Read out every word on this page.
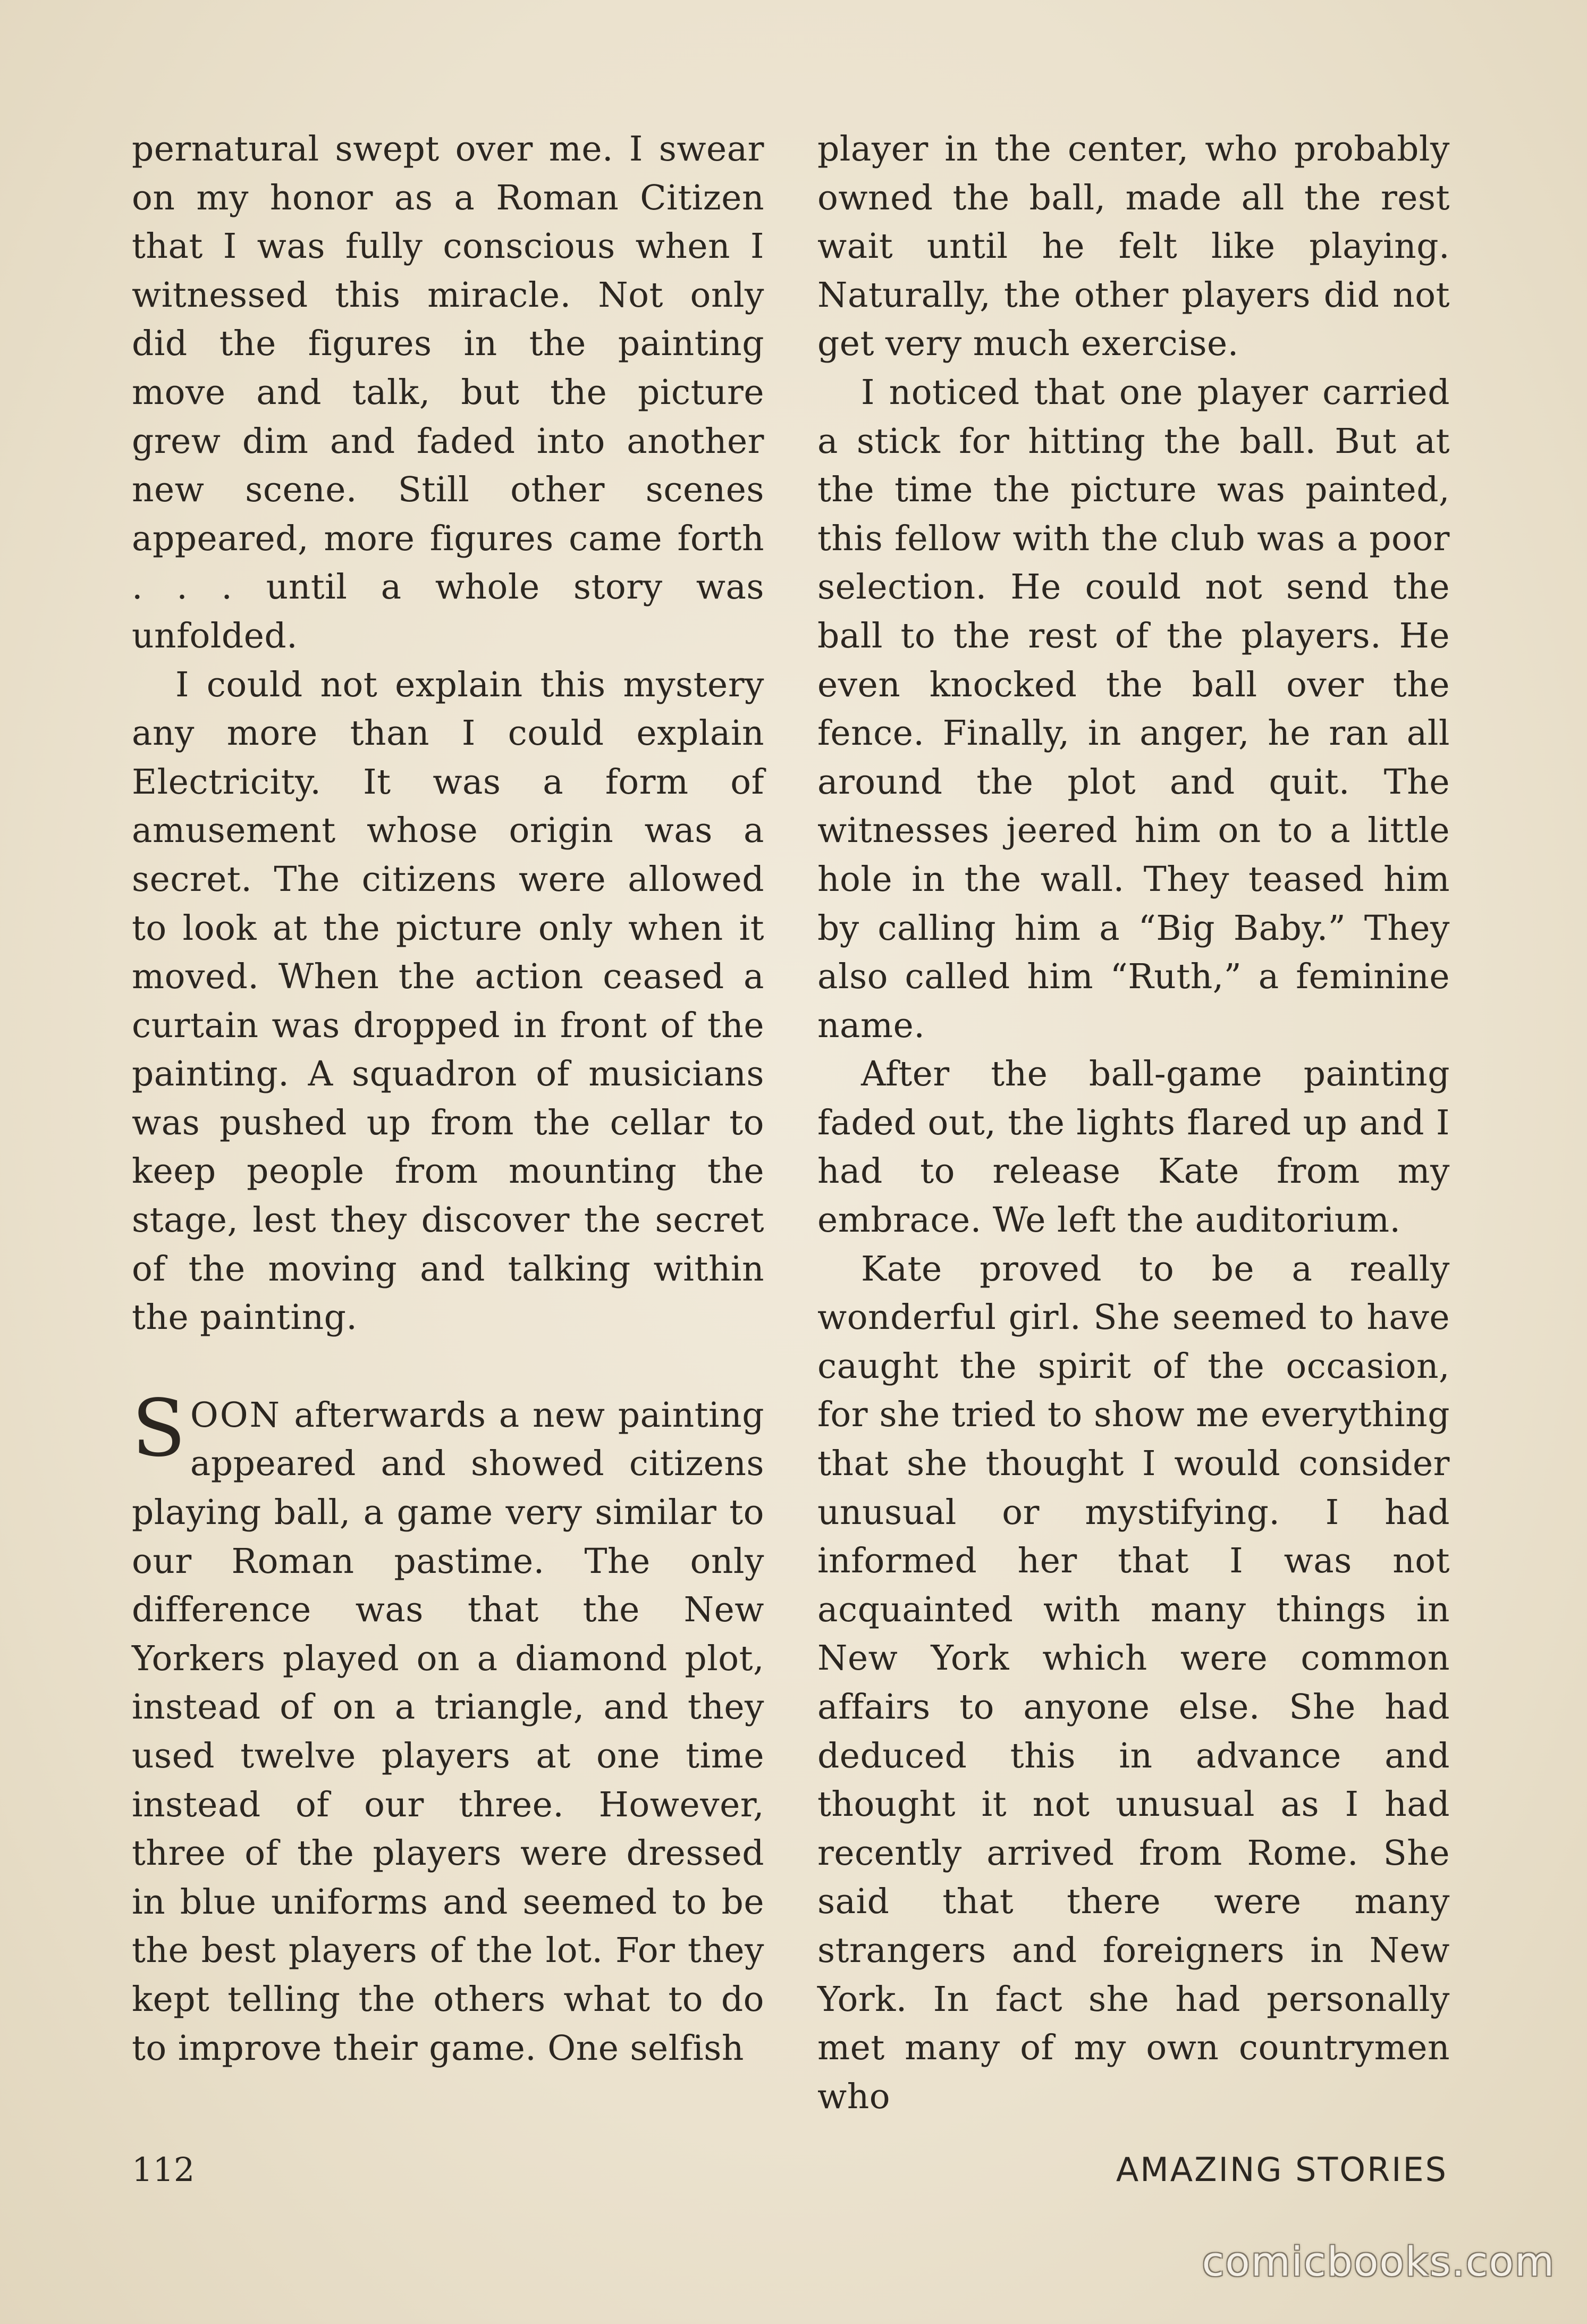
pernatural swept over me. I swear on my honor as a Roman Citizen that I was fully conscious when I witnessed this miracle. Not only did the figures in the painting move and talk, but the picture grew dim and faded into another new scene. Still other scenes appeared, more figures came forth . . . until a whole story was unfolded.

I could not explain this mystery any more than I could explain Electricity. It was a form of amusement whose origin was a secret. The citizens were allowed to look at the picture only when it moved. When the action ceased a curtain was dropped in front of the painting. A squadron of musicians was pushed up from the cellar to keep people from mounting the stage, lest they discover the secret of the moving and talking within the painting.

SOON afterwards a new painting appeared and showed citizens playing ball, a game very similar to our Roman pastime. The only difference was that the New Yorkers played on a diamond plot, instead of on a triangle, and they used twelve players at one time instead of our three. However, three of the players were dressed in blue uniforms and seemed to be the best players of the lot. For they kept telling the others what to do to improve their game. One selfish

player in the center, who probably owned the ball, made all the rest wait until he felt like playing. Naturally, the other players did not get very much exercise.

I noticed that one player carried a stick for hitting the ball. But at the time the picture was painted, this fellow with the club was a poor selection. He could not send the ball to the rest of the players. He even knocked the ball over the fence. Finally, in anger, he ran all around the plot and quit. The witnesses jeered him on to a little hole in the wall. They teased him by calling him a “Big Baby.” They also called him “Ruth,” a feminine name.

After the ball-game painting faded out, the lights flared up and I had to release Kate from my embrace. We left the auditorium.

Kate proved to be a really wonderful girl. She seemed to have caught the spirit of the occasion, for she tried to show me everything that she thought I would consider unusual or mystifying. I had informed her that I was not acquainted with many things in New York which were common affairs to anyone else. She had deduced this in advance and thought it not unusual as I had recently arrived from Rome. She said that there were many strangers and foreigners in New York. In fact she had personally met many of my own countrymen who

112	AMAZING STORIES
comicbooks.com
